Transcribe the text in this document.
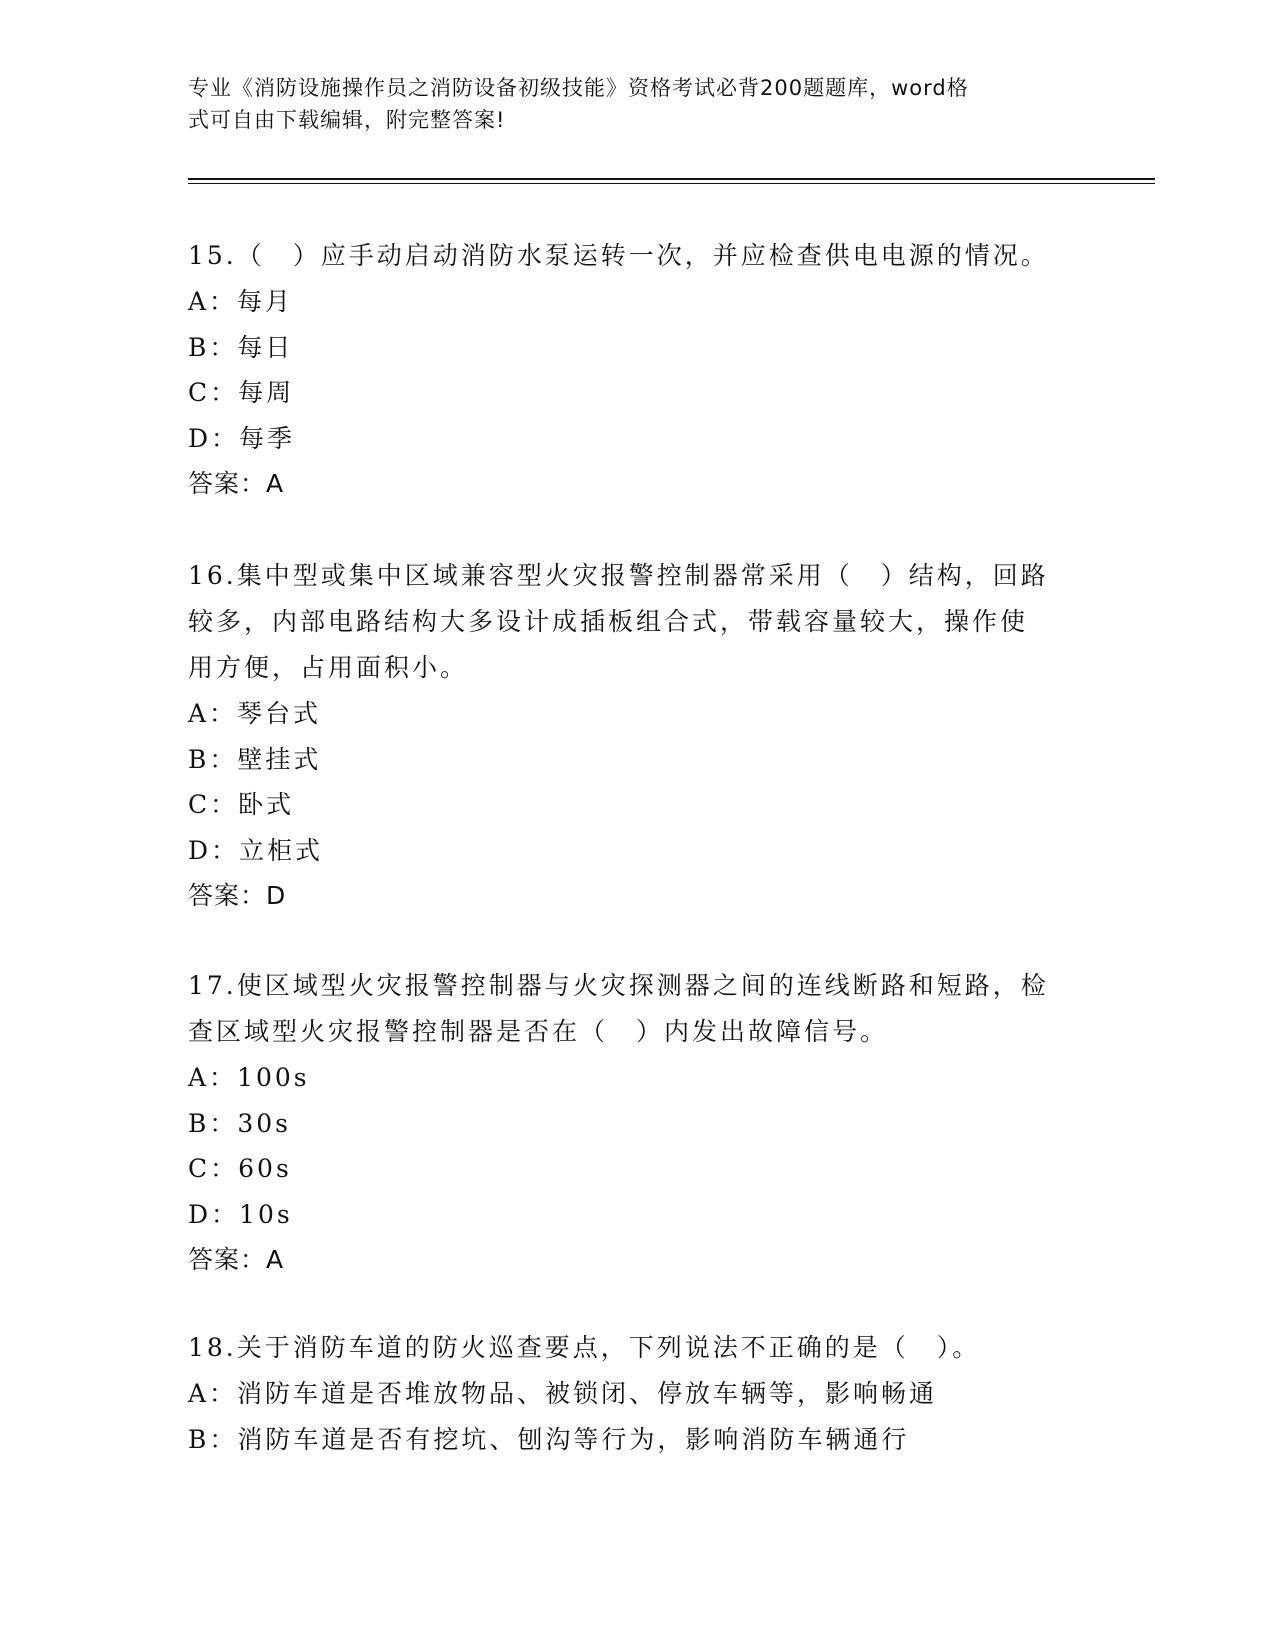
专业《消防设施操作员之消防设备初级技能》资格考试必背200题题库，word格
式可自由下载编辑，附完整答案!
15.（　）应手动启动消防水泵运转一次，并应检查供电电源的情况。
A：每月
B：每日
C：每周
D：每季
答案：A
16.集中型或集中区域兼容型火灾报警控制器常采用（　）结构，回路
较多，内部电路结构大多设计成插板组合式，带载容量较大，操作使
用方便，占用面积小。
A：琴台式
B：壁挂式
C：卧式
D：立柜式
答案：D
17.使区域型火灾报警控制器与火灾探测器之间的连线断路和短路，检
查区域型火灾报警控制器是否在（　）内发出故障信号。
A：100s
B：30s
C：60s
D：10s
答案：A
18.关于消防车道的防火巡查要点，下列说法不正确的是（　）。
A：消防车道是否堆放物品、被锁闭、停放车辆等，影响畅通
B：消防车道是否有挖坑、刨沟等行为，影响消防车辆通行
